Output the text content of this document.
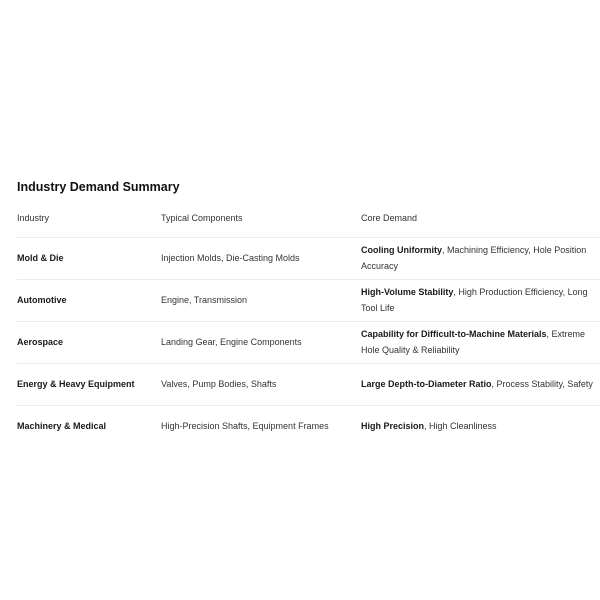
Industry Demand Summary
Industry	Typical Components	Core Demand
Mold & Die	Injection Molds, Die-Casting Molds	Cooling Uniformity, Machining Efficiency, Hole Position Accuracy
Automotive	Engine, Transmission	High-Volume Stability, High Production Efficiency, Long Tool Life
Aerospace	Landing Gear, Engine Components	Capability for Difficult-to-Machine Materials, Extreme Hole Quality & Reliability
Energy & Heavy Equipment	Valves, Pump Bodies, Shafts	Large Depth-to-Diameter Ratio, Process Stability, Safety
Machinery & Medical	High-Precision Shafts, Equipment Frames	High Precision, High Cleanliness
